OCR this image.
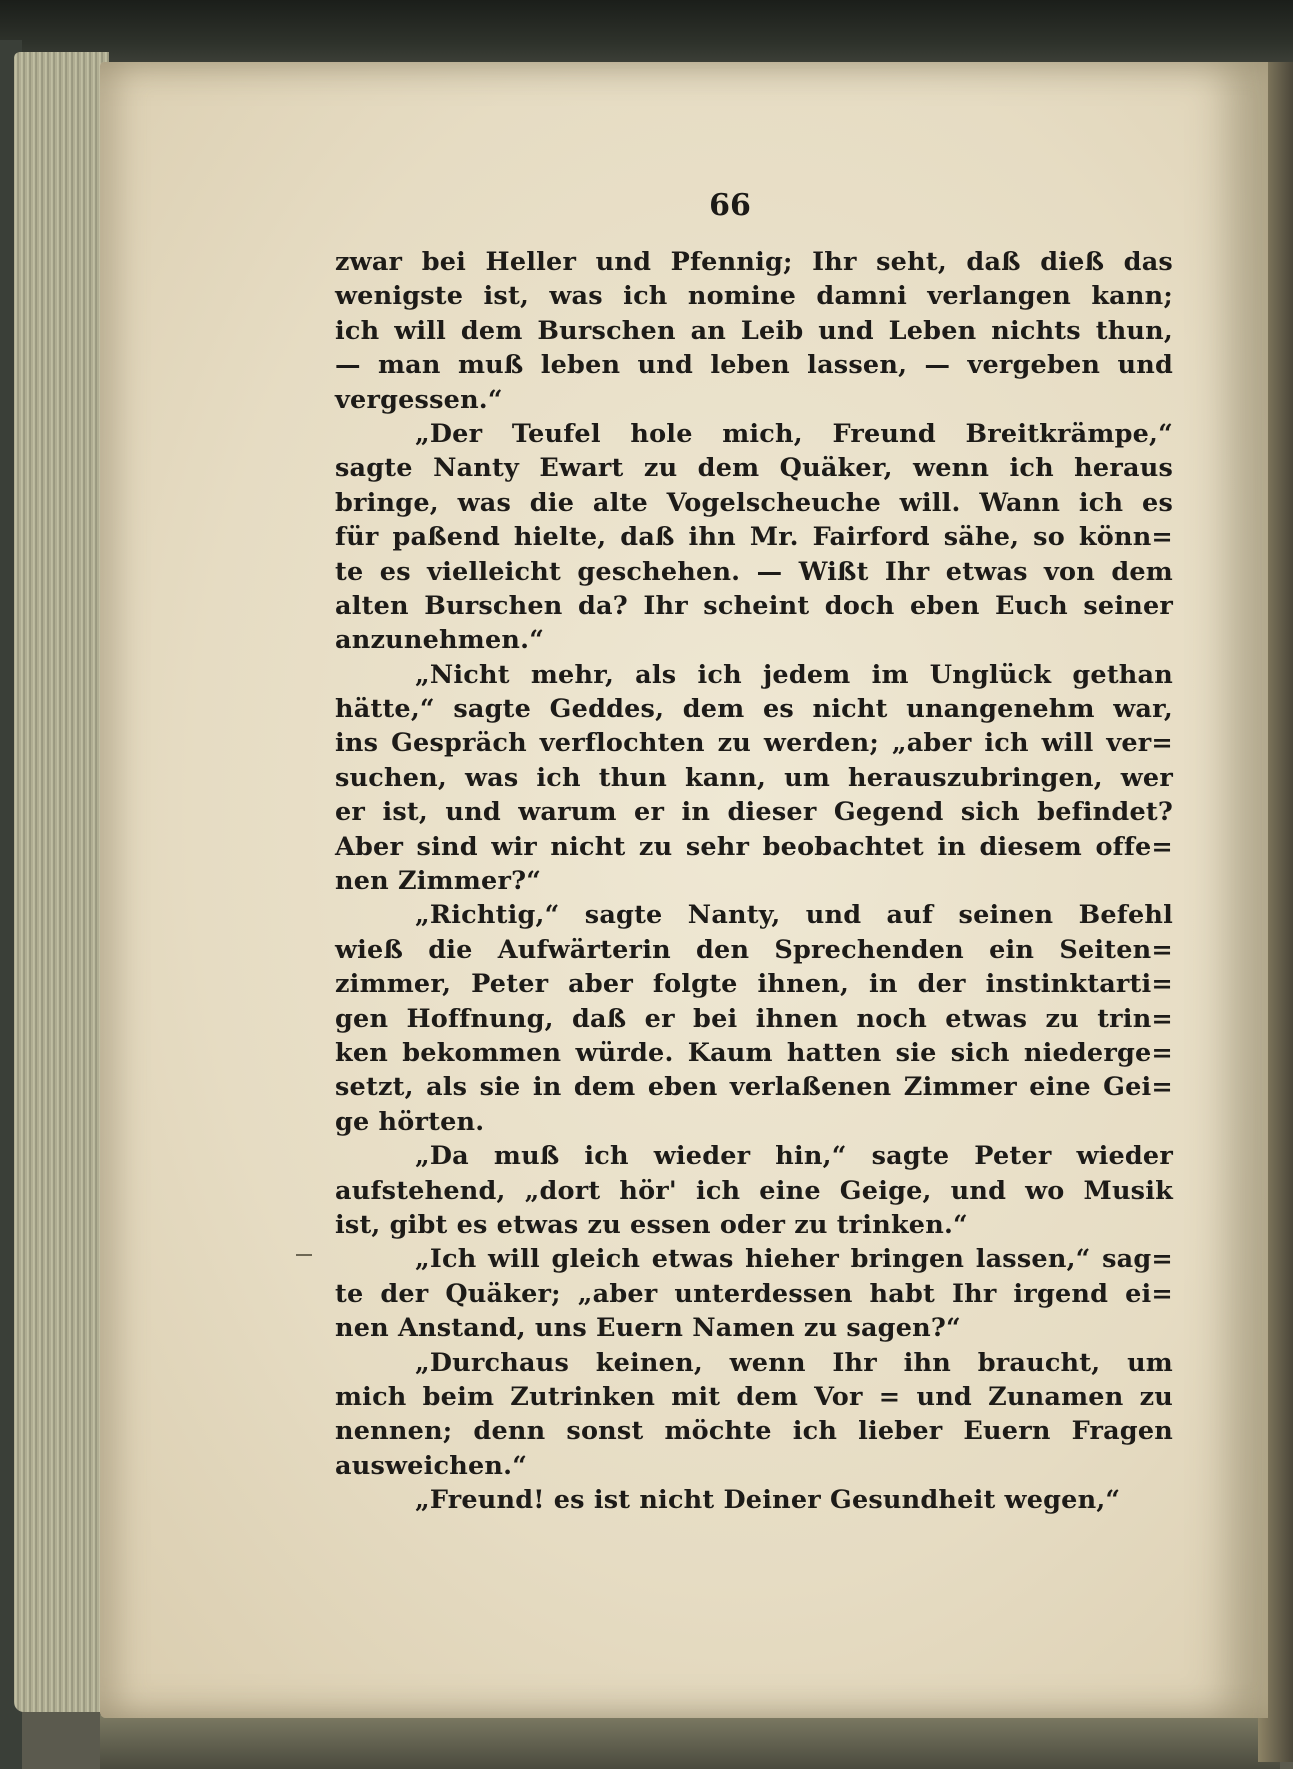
66
zwar bei Heller und Pfennig; Ihr seht, daß dieß das
wenigste ist, was ich nomine damni verlangen kann;
ich will dem Burschen an Leib und Leben nichts thun,
— man muß leben und leben lassen, — vergeben und
vergessen.“
„Der Teufel hole mich, Freund Breitkrämpe,“
sagte Nanty Ewart zu dem Quäker, wenn ich heraus
bringe, was die alte Vogelscheuche will. Wann ich es
für paßend hielte, daß ihn Mr. Fairford sähe, so könn=
te es vielleicht geschehen. — Wißt Ihr etwas von dem
alten Burschen da? Ihr scheint doch eben Euch seiner
anzunehmen.“
„Nicht mehr, als ich jedem im Unglück gethan
hätte,“ sagte Geddes, dem es nicht unangenehm war,
ins Gespräch verflochten zu werden; „aber ich will ver=
suchen, was ich thun kann, um herauszubringen, wer
er ist, und warum er in dieser Gegend sich befindet?
Aber sind wir nicht zu sehr beobachtet in diesem offe=
nen Zimmer?“
„Richtig,“ sagte Nanty, und auf seinen Befehl
wieß die Aufwärterin den Sprechenden ein Seiten=
zimmer, Peter aber folgte ihnen, in der instinktarti=
gen Hoffnung, daß er bei ihnen noch etwas zu trin=
ken bekommen würde. Kaum hatten sie sich niederge=
setzt, als sie in dem eben verlaßenen Zimmer eine Gei=
ge hörten.
„Da muß ich wieder hin,“ sagte Peter wieder
aufstehend, „dort hör' ich eine Geige, und wo Musik
ist, gibt es etwas zu essen oder zu trinken.“
„Ich will gleich etwas hieher bringen lassen,“ sag=
te der Quäker; „aber unterdessen habt Ihr irgend ei=
nen Anstand, uns Euern Namen zu sagen?“
„Durchaus keinen, wenn Ihr ihn braucht, um
mich beim Zutrinken mit dem Vor = und Zunamen zu
nennen; denn sonst möchte ich lieber Euern Fragen
ausweichen.“
„Freund! es ist nicht Deiner Gesundheit wegen,“
